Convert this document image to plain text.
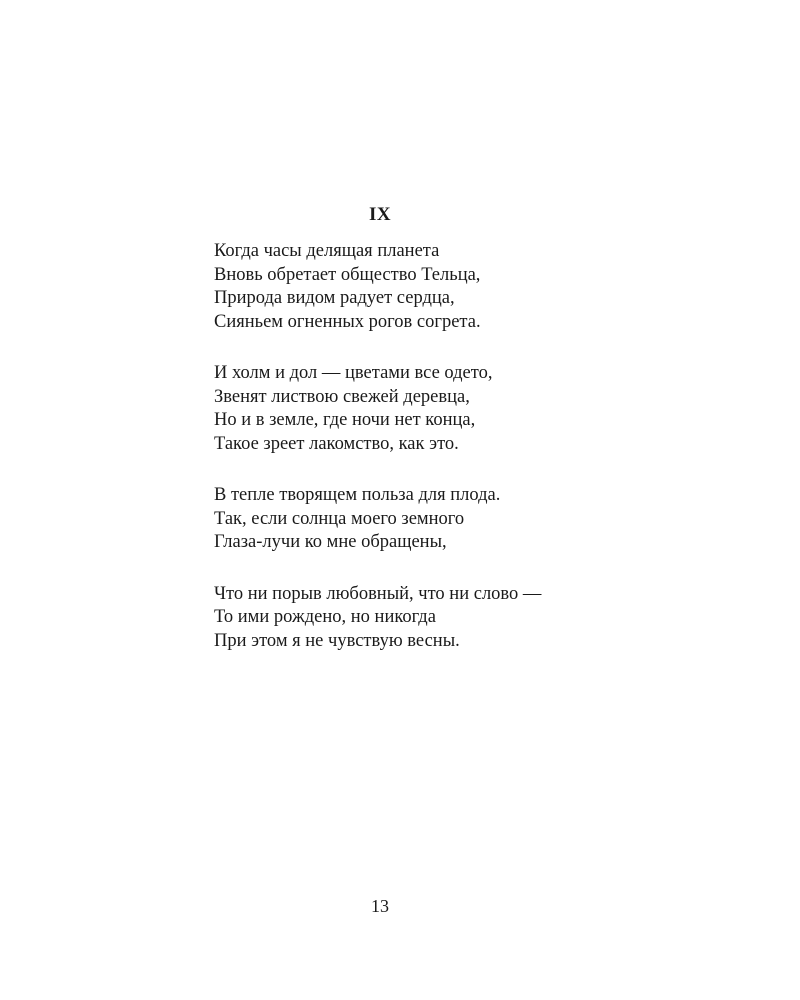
IX
Когда часы делящая планета
Вновь обретает общество Тельца,
Природа видом радует сердца,
Сияньем огненных рогов согрета.
И холм и дол — цветами все одето,
Звенят листвою свежей деревца,
Но и в земле, где ночи нет конца,
Такое зреет лакомство, как это.
В тепле творящем польза для плода.
Так, если солнца моего земного
Глаза-лучи ко мне обращены,
Что ни порыв любовный, что ни слово —
То ими рождено, но никогда
При этом я не чувствую весны.
13
